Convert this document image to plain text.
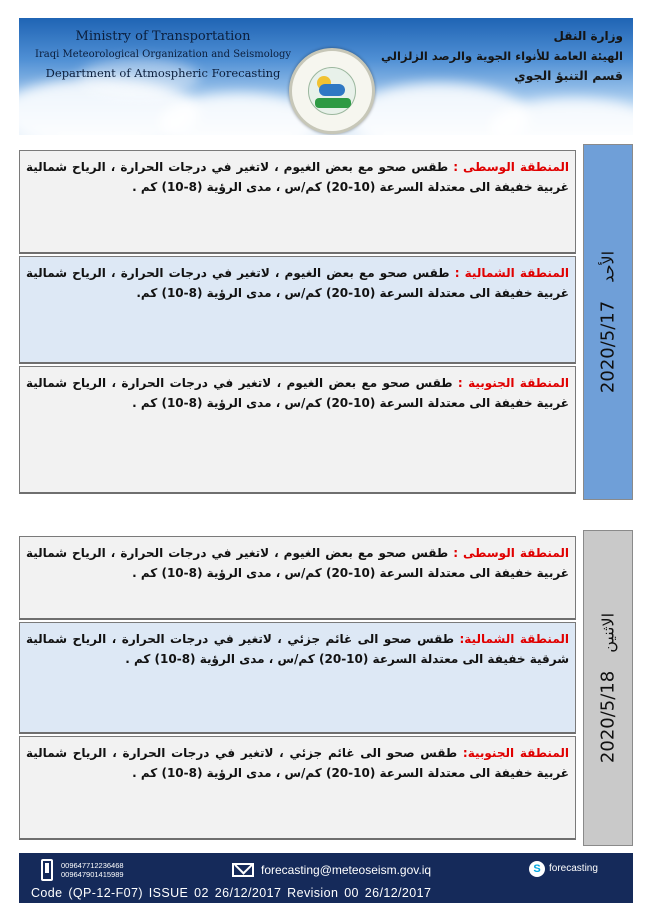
Ministry of Transportation
Iraqi Meteorological Organization and Seismology
Department of Atmospheric Forecasting
وزارة النقل
الهيئة العامة للأنواء الجوية والرصد الزلزالي
قسم التنبؤ الجوي
المنطقة الوسطى : طقس صحو مع بعض الغيوم ، لاتغير في درجات الحرارة ، الرياح شمالية غربية خفيفة الى معتدلة السرعة (10-20) كم/س ، مدى الرؤية (8-10) كم .
المنطقة الشمالية : طقس صحو مع بعض الغيوم ، لاتغير في درجات الحرارة ، الرياح شمالية غربية خفيفة الى معتدلة السرعة (10-20) كم/س ، مدى الرؤية (8-10) كم.
المنطقة الجنوبية : طقس صحو مع بعض الغيوم ، لاتغير في درجات الحرارة ، الرياح شمالية غربية خفيفة الى معتدلة السرعة (10-20) كم/س ، مدى الرؤية (8-10) كم .
2020/5/17
الأحد
المنطقة الوسطى : طقس صحو مع بعض الغيوم ، لاتغير في درجات الحرارة ، الرياح شمالية غربية خفيفة الى معتدلة السرعة (10-20) كم/س ، مدى الرؤية (8-10) كم .
المنطقة الشمالية: طقس صحو الى غائم جزئي ، لاتغير في درجات الحرارة ، الرياح شمالية شرقية خفيفة الى معتدلة السرعة (10-20) كم/س ، مدى الرؤية (8-10) كم .
المنطقة الجنوبية: طقس صحو الى غائم جزئي ، لاتغير في درجات الحرارة ، الرياح شمالية غربية خفيفة الى معتدلة السرعة (10-20) كم/س ، مدى الرؤية (8-10) كم .
2020/5/18
الاثنين
009647712236468
009647901415989	forecasting@meteoseism.gov.iq	S forecasting
Code (QP-12-F07) ISSUE 02 26/12/2017 Revision 00 26/12/2017
